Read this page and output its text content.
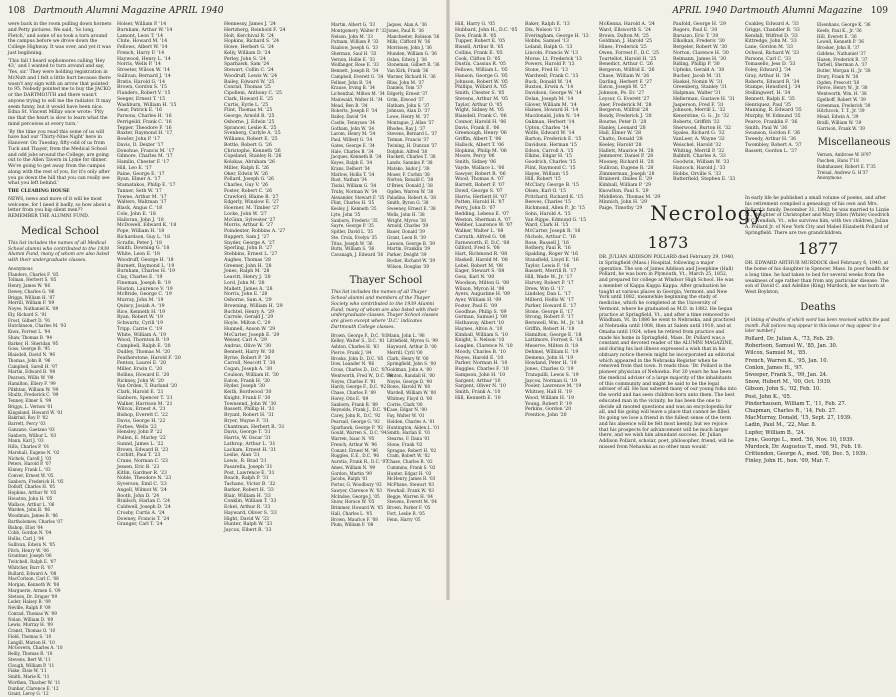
108 Dartmouth Alumni Magazine APRIL 1940

were back in the room pulling down hornets and Petty pictures. We said, 'So long, Fletch,' and some of us took a turn around the campus before we drove down the College Highway. It was over, and yet it was just beginning.

'This fall I heard sophomores calling 'Hey 43,' and I wanted to turn around and say, 'Yes, sir.' They were holding registration in McNutt and I felt a little hurt because there wasn't any sign with an arrow that pointed to 95. Nobody pointed me to buy the JACKO or the DARTMOUTH and there wasn't anyone trying to sell me the radiator. It may seem funny, but it would have been nice. Edna St. Vincent Millay once wrote: 'Pity me that the heart is slow to learn what the mind perceives at every turn.'

'By the time you read this some of us will have had our 'Thirty-Nine Night' here in Hanover. On Tuesday, fifty-odd of us from Tuck and Thayer, from the Medical School and odd jobs around the College, are going out to the Allen Tavern in Lyme for dinner. We're going to get away from the campus along with the rest of you, for it's only after you go down the hill that you can really see what you left behind.'

THE CLEARING HOUSE

NEWS, news and more of it will be most welcome, for I need it badly, so how about a letter from you big silent men?? REMEMBER THE ALUMNI FUND.

Medical School

This list includes the names of all Medical School alumni who contributed to the 1939 Alumni Fund, many of whom are also listed with their undergraduate classes.

Anonymous
Flanders, Charles F. '85
Tolman, Herbert S. '85
Henry, James W. '86
Dewey, Charles G. '86
Briggs, William H. '87
Merrill, William F. '89
Noyes, Nathaniel K. '89
Ely, Richard S. '91
Frost, Gilbert D. '91
Hutchinson, Charles M. '93
Knox, Forrest L. '94
Shaw, Thomas B. '94
Barker, H. Sheridan '95
Goss, George B. '95
Blaisdell, David N. '96
Thomas, John B. '96
Campbell, Sarell H. '97
Martin, Edward B. '98
Pearson, Willis W. '98
Hamilton, Ellery F. '99
Pilkhtan, William W. '99
Shultz, Frederick C. '99
Tenney, Elmer S. '99
Briggs, L. Vernon '01
Kingsland, Howard W. '01
Bakrind, Roy P. '02
Barrett, Percy '03
Ganzano, Gaetano '03
Sanborn, Wilbur L. '03
Mann, Karl J. '03
Hills, Charles P. '01
Marshall, Eugene N. '02
Nichols, Caroll J. '03
Peters, Harold P. '07
Kinney, Frank L. '03
Conver, Ernest W. '05
Sanborn, Frederick H. '05
Dolloff, Charles H. '05
Hopkins, Arthur W. '05
Houston, John H. '05
Wallace, Arthur L. '06
Warden, John B. '06
Woodman, James B. '06
Bartholomew, Charles '07
Bishop, Eliot '04
Cobb, Gordon N. '04
Hollis, Carl J. '04
Sullivan, Edwin N. '05
Fitch, Henry W. '06
Grantner, Joseph '06
Twitchell, Ralph E. '07
Whitcher, Burr R. '07
Bullard, Edward A. '08
MacCorison, Carl C. '08
Morgan, Kenneth W. '08
Marguerie, Armen S. '09
Stetson, Dr. Draper '09
Loder, Halsey B. '09
Neville, Ralph P. '09
Conrad, Thomas W. '09
Nolan, William D. '09
Lewis, Murray H. '09
Cranst, Thomas O. '10
Field, Thomas S. '10
Langill, Marion H. '10
McGovern, Charles A. '10
Reilly, Thomas R. '10
Stevens, Bert W. '11
Clough, William P. '11
Fiske, Elsie W. '11
Smith, Marie K. '11
Worthen, Thacher W. '11
Dunbar, Clarence E. '12
Grant, Leroy G. '12
Holser, William P. '14
Burnham, Arthur W. '14
Lamont, Leon T. '14
Clute, Howard M. '14
Fellows, Albert W. '14
French, Harry F. '14
Haywood, Henry L. '14
Norris, Wells P. '14
Streeter, Wilson W. '14
Sullivan, Bernard J. '14
Bratis, Harold G. '14
Brown, Gordon S. '15
Flanders, Robert V. '15
Seeger, Ernest T. '15
Washburn, William H. '15
Gear, Patrick E. '16
Parsons, Charles H. '16
Perrigeild, Frank C. '16
Tepper, Theodore F. '16
Baxter, Raymond H. '17
Bowler, John P. '17
Davis, D. Dexter '17
Donohue, Francis M. '17
Gilmore, Charles M. '17
Hamlin, Chester F. '17
Hill, Leo E. '17
Paine, George E. '17
Ryan, Elmer A. '17
Stamatakos, Philip E. '17
Tanner, Seth W. '17
Towne, Arthur M. '17
Walters, Waltman '17
Black, Angus C. '18
Cole, John E. '18
Halloran, John J. '18
McDowell, Edward K. '18
Pope, William H. '18
Richardson, Guy L. '18
Scrafin, Peter J. '18
Smith, Downing G. '18
White, Leon E. '18
Woodruff, George H. '18
Burnett, Raymond L. '19
Burnham, Charles H. '19
Clay, Charles E. '19
Fineman, Joseph B. '19
Huston, Laurence V. '19
McBride, George C. '19
Murray, John M. '19
Quincy, Josiah A. '19
Rice, Kenneth H. '19
Ryan, Robert W. '19
Schwartz, Cyrill '19
Tripp, Carrie C. '19
White, William A. '19
Wood, Thornton B. '19
Campbell, Ralph E. '20
Dudley, Thomas M. '20
Featherstone, Harold F. '20
Fenton, Laurel E. '20
Miller, Erwin C. '20
Rollins, Howard E. '20
Rickney, John W. '20
Van Orden, T. Burland '20
Clark, Harold E. '21
Sanborn, Spencer T. '21
Walker, Harrison M. '21
Wilcox, Ernest A. '21
Bishop, Everett C. '22
Davis, George H. '22
Forbes, Wells '22
Hensley, John P. '22
Pullen, E. Marley '22
Sunnd, James L. '22
Brown, Edward B. '23
Corbitt, Paul T. '23
Crane, Norman C. '23
Jessen, Eric B. '23
Kitlin, Gardner R. '23
Noble, Theodore N. '23
Syverson, Emil C. '23
Angell, Wilmot W. '24
Booth, John D. '24
Brailsch, Harlan C. '24
Caldwell, Joseph D. '24
Crosby, Curtis A. '24
Downey, Francis T. '24
Granger, Carl T. '24
Hennessy, James J. '24
Hertzberg, Reinhold F. '24
Holt, Kerchival R. '24
Hopkins, Richard S. '24
Howe, Herbert G. '24
Kelly, William D. '24
Perley, John S. '24
Sparhawk, Sam '24
Stewart, Collin C. '24
Woodruff, Lewis W. '24
Bailey, Edward W. '25
Conrad, Thomas '25
Cipolleni, Anthony C. '25
Clark, Howard E. '25
Curtis, Eyrle L. '25
Flint, Thomas M. '25
George, Arnold B. '25
Osborne, J. Edwin '25
Sprancer, Leslie K. '25
Svenberg, Carlyle A. '25
Williams, Robert E. '25
Bottle, Robert G. '26
Christophe, Kenneth '26
Copeland, Stanley R. '26
Kolokas, Abraham '26
Miller, Ralph E. '26
Oker, Edwin W. '26
Pollard, Joseph G. '26
Charles, Guy V. '26
Foster, Robert C. '26
Crawford, Blaine B. '27
Edgerly, Winslow E. '27
Hoerner, M. Timber '27
Locke, John W. '27
McGinn, Sylvester '27
Morris, Arthur K. '27
Poindexter, Robbins A. '27
Ruppert, Sam J. '27
Snyder, George A. '27
Sperling, John B. '27
Stebbins, Ernest L. '27
Aughes, Thomas '28
Greener, John H. '28
Jones, Ralph M. '28
Leavitt, Henry J. '28
Lord, John M. '28
Mallett, James A. '28
Norris, John E. '28
Osborne, Sam A. '29
Browning, William H. '29
Buchtel, Henry A. '29
Carrole, Gerald J. '29
Hoyle, Milton C. '29
Hunnell, Anson W. '29
McCarter, Joseph E. '29
Weiser, Carl A. '29
Andrus, Olive W. '30
Bennett, Harry W. '30
Byrne, Robert P. '30
Carroll, Nescott T. '30
Cogan, Joseph A. '30
Coulson, William H. '30
Eaton, Frank H. '30
Hyder, Joseph '30
Keith, Bordwood '30
Knight, Frank F. '30
Townsend, John W. '30
Bassett, Phillip H. '31
Bryant, Robert H. '31
Bryer, Wayne F. '31
Chantman, Herbert R. '31
Davis, George T. '31
Harris, W. Oscar '31
Lathrop, Arthur L. '31
Lacham, Ernest H. '31
Leslie, Alan '31
Lewis, R. Brad '31
Pasarella, Joseph '31
Post, Lawrence E. '31
Roach, Ralph P. '31
Tachano, Victor B. '32
Barker, Robert H. '33
Blair, William H. '33
Conklin, William T. '33
Eckel, Arthur R. '33
Hayward, Oliver S. '33
Hight, David W. '33
Hunter, Ralph W. '33
Jaycox, Elbert R. '33
Martin, Albert G. '33
Montgomery, Walter P. '33
Nelson, John M. '33
Putnam, William P. '33
Raabow, Joseph G. '33
Sherman, Saul H. '33
Vernon, Hollie E. '33
Wolfanger, Rose E. '33
Bennett, Joseph R. '34
Campbell, Everett G. '34
Fellner, John B. '34
Krause, Irving B. '34
Lichenthal, Milton M. '34
Mainwald, Walter H. '34
Mead, Ben B. '34
Roberts, Joseph F. '34
Bailey, David '34
Castle, Tennyson '34
Gotham, John W. '34
Larom, Henry M. '34
Paul, Wilbert G. '34
Gates, George E. '34
Hale, Charles B. '34
Jacques, Kenneth B. '34
Keyes, Ralph E. '34
Krans, Delbert '34
Marlow, Hollis T. '34
Rust, Nathan '34
Tisdal, William G. '34
Truby, Norman W. '34
Alexander, Stewart F. '35
Flint, Charles H. '35
Kesley, J. Kenneth '35
Lyte, John '35
Sanborn, Frederic '35
Sayre, George P. '35
Spitler, David L. '35
Ste. Croix, Evelyn '35
Titus, Joseph W. '36
Butts, William S. '36
Cavanagh, J. Edward '36
Jaques, Alan A. '36
Jones, Paul R. '36
Manchester, Robison '36
Mills, Clifford W. '36
Morrissey, John J. '36
Munden, William G. '36
Oslan, Edwin J. '36
Stoneman, Gilbert R. '36
Van Kirk, Frank '36
Warner, Richard H. '36
Bliss, John M. '37
Daniels, Tom '37
Edgerly, Ernest '37
Grim, Elwood '37
Hatham, John S. '37
Johnson, Alan D. '37
Lowe, Henry M. '37
Montague, J. Allan '37
Rhodes, Ray J. '37
Stevens, Bernard L. '37
Tisman, Francis '37
Twining, H. Duncan '37
Dolphin, Alfred '38
Hackett, Charles T. '38
Lando, Sannino P. '38
Matsko, Isidor J. '38
Moser, F. Corbin '38
Norton, Ronald C. '38
O'Brien, Donald J. '38
Ogden, Warren W. '38
Paladino, Robert A. '38
Smith, Byron G. '38
Sweeney, Ernest E. '38
Wells, John H. '38
Wright, Myron '38
Arnold, Charles '39
Bauer, Donald '39
Grant, Leon B. '39
Lawson, George B. '39
Martin, Franklin '39
Parker, Dwight '39
Rocker, Richard W. '39
Wilson, Douglas '39
Thayer School

This list includes the names of all Thayer School alumni and members of the Thayer Society who contributed to the 1939 Alumni Fund, many of whom are also listed with their undergraduate classes. Thayer School classes are given except where 'D.C.' indicates Dartmouth College classes.

Brown, George F., D.C. '81
Kelley, Walter S., D.C. '81
Ashton, Charles H. '83
Pierce, Frank J. '84
Brooks, John D., D.C. '85
Dow, Leander N. '86
Cross, Charles D., D.C. '87
Wentworth, Fred W., D.C. '88
Noyes, Charles F. '91
Hardy, George F., D.C. '92
Chase, Charles F. '89
Horey, Otis E. '89
Sanborn, Frank B. '89
Reynolds, Frank J., D.C. '91
Carey, John R., D.C. '92
Pearsall, George G. '92
Sparhawk, George P. '92
Gould, Warren S., D.C. '94
Warren, Isaac N. '95
French, Arthur W. '96
Conant, Ernest M. '96
Ruggles, E.E., D.C. '96
Aurotia, Frank H., D.C. '97
Ames, William N. '99
Gordon, Martin '99
Jacobs, Ralph '01
Porter, G. Woodbury '03
Sawyer, Clarence W. '03
McIndoe, George J. '05
Snow, Horace W. '05
Brimmer, Howard W. '05
Hall, Charles L. '05
Brown, Maurice F. '08
Plum, William F. '08
Mann, John L. '98
Littlefield, Myron G. '99
Hayward, Arthur D. '00
Merrill, Cyril '00
Clark, Henry W. '00
Springfield, John S. '00
Goldman, John A. '00
Fenton, Randall H. '00
Noyes, George D. '00
Rowe, Harold W. '00
Wardell, William W. '00
Whitney, Floyd O. '00
Corrie, Clark '00
Case, Edgar N. '00
Fay, Walter W. '01
Holden, Charles A. '01
Huntington, Alden L. '01
Smith, Harlan E. '01
Stearns, F. Dana '01
Stone, Frank '02
Sprague, Robert H. '02
Cram, Robert W. '02
Chase, Charles R. '02
Cummins, Frank S. '02
Hunter, Edgar H. '03
McHenry, James R. '03
McPhane, Stewart '03
Newhall, Frank W. '03
Regge, Warren H. '04
Stevens, Everett M. '04
Brown, Parker F. '05
Fort, Leslie R. '05
Fenn, Harry '05
APRIL 1940 Dartmouth Alumni Magazine 109
Hill, Harry G. '05
Hubbard, John H., D.C. '05
Dow, Frank B. '05
Tupper, Robert E. '05
Bissell, Arthur B. '05
Collins, Frank E. '05
Cook, Clifton D. '05
Dustin, Cassius R. '05
Fellows, William L. '05
Hanson, George G. '05
Johnson, Robert W. '05
Phillips, Willard A. '05
Smith, Chester S. '05
Stevens, Arthur M. '05
Taylor, Arthur O. '05
Wight, Sidney M. '05
Blaisdell, Frank C. '06
Connor, Harold H. '06
Davis, Frank E. '06
Greenough, Henry '06
Griffin, Albert T. '06
Hallock, Albert T. '06
Hopkins, Philip M. '06
Moore, Percy '06
Smith, Sidney '06
Vayde, Wallace L. '06
Sawyer, Robert R. '06
Wood, Thomas A. '07
Barrett, Robert F. '07
Dowd, George S. '07
Harris, Herbert H. '07
Patten, Harold H. '07
Perry, John D. '07
Redding, Lebeus E. '07
Weston, Sherman A. '07
Webber, Laurence W. '07
Walker, Walter L. '08
Carruth, Alfred G. '08
Farnsworth, E. D.C. '08
Gilford, Fred S. '08
Hart, Richmond R. '08
Haskell, Harold M. '08
Lebel, Robert M. '08
Eager, Stewart S. '08
Goss, Karl N. '08
Woodson, Milton G. '08
Wilson, Myron H. '08
Ayers, Augustine H. '09
Ayer, William H. '09
Foster, Paul E. '09
Goodhue, Philip S. '09
Gorman, Samuel J. '09
Hathaway, Albert '10
Haynes, Alton A. '10
Kimball, William S. '10
Knight, S. Nelson '10
Leaglen, Clarence N. '10
Moody, Charles B. '10
Noyes, Harold E. '10
Parker, Norman H. '10
Ruggles, Charles F. '10
Sampson, John H. '10
Sargent, Arthur '10
Sargent, Oliver N. '10
Smith, Frank A. '10
Hill, Kenneth E. '10
Baker, Ralph E. '13
Dix, Nelson '13
Everingham, George H. '13
Hobbs, Samuel '13
Leland, Ralph G. '13
Lincoln, Francis W. '13
Morse, Lt. Frederick '13
Powers, Harold P. '13
Stone, Fred H. '13
Wardwell, Frank C. '13
Buck, Donald W. '14
Buxton, Erwin A. '14
Davidson, George W. '14
Dolan, Joseph M. '14
Glover, William M. '14
Haines, Howard H. '14
Macdonald, John N. '14
Oakman, Herbert '14
Upton, Charles '14
Wolfe, Edward W. '14
Barton, Frederick E. '15
Davidson, Herman '15
Edson, Carroll A. '15
Elkins, Edgar H. '15
Goodrich, Charles '15
Flint, Raymond C. '15
Hayes, William '15
Hill, Robert '15
McClary, George B. '15
Olsen, Karl O. '15
Pritchard, Richard K. '15
Reeves, Charles '15
Richmond, Allen P., Jr. '15
Sohn, Harold A. '15
Van Rippe, Edmund G. '15
Ward, Clark H. '15
McCarter, Joseph R. '16
Nichols, Arthur C. '16
Rose, Russell J. '16
Rothery, Paul R. '16
Spalding, Roger W. '16
Stansfield, Lloyd E. '16
Taylor, Lewis F. '16
Bassett, Merrill R. '17
Hill, Wade W., Jr. '17
Harvey, Robert P. '17
Drew, Wm O. '17
Lindsley, Dan L. '17
Millerd, Hollis W. '17
Parker, Howard E. '17
Stone, George E. '17
Strong, Robert F. '17
Bernwell, Wm. M., Jr. '18
Griffin, Robert H. '18
Hamilton, George E. '18
Lattimore, Forrest S. '18
Meserve, Milton O. '18
Dehmel, William E. '19
Demeno, John H. '19
Howland, Peter H. '19
Jones, Charles O. '19
Tranquilli, Lewis S. '19
Jaycox, Norman G. '19
Pooler, Lawrence M. '19
Whitney, Hall H. '19
Wood, William H. '19
Young, Robert P. '19
Perkins, Gordon '20
Prentice, John '20
McKenna, Harold A. '24
Ward, Ellsworth S. '24
Brown, Dalton M. '25
Goldman, J. Harold '25
Hines, Frederick '25
Owen, Forrest F., D.C. '25
Tourtellot, Harold H. '25
Benedict, Arthur C. '26
Bergeron, Wilfrid E. '26
Chase, William W. '26
Darling, Herbert F. '27
Eaton, Joseph W. '27
Johnson, Pe. Er. '27
Leysor, G. Everett '27
Aner, Frederick M. '28
Bergeron, Wilfrid '28
Bondy, Frederick J. '28
Bourne, Peter D. '28
Hanley, Leonard '28
Hall, Elmer W. '28
Chatto, Donald '28
Keeley, Harold '28
Hallett, Maurice M. '28
Jemmerer, Daniel P. '28
Mooney, Richard H. '28
Sullivan, Eugene R. '28
Zimmerman, Joseph '28
Brainerd, Oniles E. '29
Kimball, William P. '29
Knowlton, Paul S. '29
Middleton, Thomas M. '29
Minnich, John H. '29
Paige, Timothy '29
Paufold, George H. '29
Rogers, Paul E. '30
Baruzzo, Eric T. '30
Elkolkan, Frederic '30
Bergeler, Robert W. '30
Norton, Clarence H. '30
Reimann, James H. '30
Riding, Phillip P. '30
Upfeiks, Gerald A. '30
Bucher, Jacob M. '31
Haskel, Nomin W. '31
Greenberg, Stanley '31
Halpman, Walter '31
Hellerman, Gustave H. '31
Jasperson, Fred F. '31
Johnson, Merrill L. '32
Kenerstine, G. G., Jr. '32
Roberts, Griffith '32
Sherwood, Burton H. '32
Spales, Richard G. '32
VanLeer, A. Wayne '32
Weischel, Harold '32
Whiting, Merrill P. '32
Babbitt, Charles A. '33
Goodwin, William W. '33
Hancock, Harold J. '33
Hobbs, Orville S. '33
Butterfield, Stephen E. '33
Coakley, Edward A. '33
Griggs, Chandler B. '33
Kendall, Wilfred D. '33
Kittredge, John M. '33
Lane, Gordon M. '33
Ochwal, Richard W. '33
Parsons, Carl C. '33
Tomasello, Jess D. '33
Foley, Edward J. '34
Gray, Arthur H. '34
Roberts, Edward R. '34
Stampe, Hensford J. '34
Stellingwerf, H. '34
Bennett, Ralph E. '35
Henriquez, Paul '35
Manning, R. Edward '35
Murphy, W. Edmund '35
Pearce, Franklin F. '36
Smith, Paul W. '36
Swanson, Gordon F. '36
Tweedy, Arthur H. '36
Twombley, Robert A. '37
Bassett, Gordon L. '37
Elsenhans, George K. '36
Keefe, Paul K., Jr. '36
Hill, Everett E. '36
Lowell, Kenneth P. '36
Brooker, John R. '37
Giddens, Nathaniel '37
Hazen, Frederick R. '37
Tarbell, Sherman A. '37
Butler, Morgan H., Jr. '38
Drury, Frank W. '38
Ogden, Prescott '38
Pierce, Henry W., Jr. '38
Wentworth, Wm. H. '38
Egelhoff, Robert W. '39
Greenman, Frederick '39
Hitchcock, T. T., Jr. '39
Mead, Edwin A. '39
Bralli, William W. '39
Garrison, Frank W. '39
Miscellaneous
Vernon, Ambrose W. H'97
Paschen, Hans T'18
Rahnhauser, Robert E. T'35
Treisal, Andrew G. H'37
Anonymous
Necrology
1873

DR. JULIAN ADDISON POLLARD died February 29, 1940, in Springfield (Mass.) Hospital, following a major operation. The son of James Addison and Josephine (Hall) Pollard, he was born in Plymouth, Vt., March 25, 1852, and prepared for college at Windsor High School. He was a member of Kappa Kappa Kappa. After graduation he taught at various places in Georgia, Vermont, and New York until 1882, meanwhile beginning the study of medicine, which he completed at the University of Vermont, where he graduated as M.D. in 1882. He began practice at Springfield, Vt., and after a time removed to Windham, Vt. In 1886 he went to Nebraska, and practiced at Nebraska until 1908, then at Salem until 1910, and at Omaha until 1924, when he retired from practice and made his home in Springfield, Mass. Dr. Pollard was a constant and devoted reader of the ALUMNI MAGAZINE, and during his last illness expressed a wish that in his obituary notice therein might be incorporated an editorial which appeared in the Nebraska Register when he removed from that town. It reads thus: 'Dr. Pollard is the pioneer physician of Nehawka. For 20 years he has been the medical adviser of a large majority of the inhabitants of this community and might be said to be the legal adviser of all. He has ushered many of our young folks into the world and has seen children born unto them. The best educated man in the vicinity, he has been the one to decide all mooted questions and was an encyclopedia for all, and his going will leave a place that cannot be filled. Its going we lose a friend in the fullest sense of the term and his absence will be felt most keenly, but we rejoice that his prospects for advancement will be much larger there, and we wish him abundant success. Dr. Julian Addison Pollard, scholar, poet, philosopher, friend, will be missed from Nehawka as no other man would.'

In early life he published a small volume of poems, and after his retirement compiled a genealogy of his own and Mrs. Pollard's family. December 31, 1882, he was married to Lizzie M., daughter of Christopher and Mary Ellen (White) Goodrich of Cavendish, Vt., who survives him, with two children, Julian A. Pollard Jr. of New York City and Mabel Elizabeth Pollard of Springfield. There are two grandchildren.

1877

DR. EDWARD ARTHUR MURDOCK died February 6, 1940, at the home of his daughter in Spencer, Mass. In poor health for a long time, he had taken to bed for several weeks from the weakness of age rather than from any particular disease. The son of David C. and Adeline (King) Murdock, he was born at West Boylston,

Deaths

[A listing of deaths of which word has been received within the past month. Full notices may appear in this issue or may appear in a later number.]

Pollard, Dr. Julian A., '73, Feb. 29.
Robertson, Samuel W., '85, Jan. 30.
Wilcox, Samuel M., '85.
French, Warren K., '95, Jan. 10.
Conlon, James H., '97.
Sweeper, Frank S., '99, Jan. 24.
Snow, Hubert M., '00, Oct. 1939.
Gibson, John S., '02, Feb. 10.
Post, John K., '05.
Pinderhausen, William T., '11, Feb. 27.
Chapman, Charles R., '14, Feb. 27.
MacMurray, Donald, '15, Sept. 27, 1939.
Ladin, Paul M., '22, Mar. 8.
Lupfer, William B., '24.
Lyne, George L., med. '56, Nov. 10, 1939.
Murdock, Dr. Augustus T., med. '91, Feb. 19.
Crittendon, George A., med. '08, Dec. 5, 1939.
Finley, John H., hon. '09, Mar. 7.
